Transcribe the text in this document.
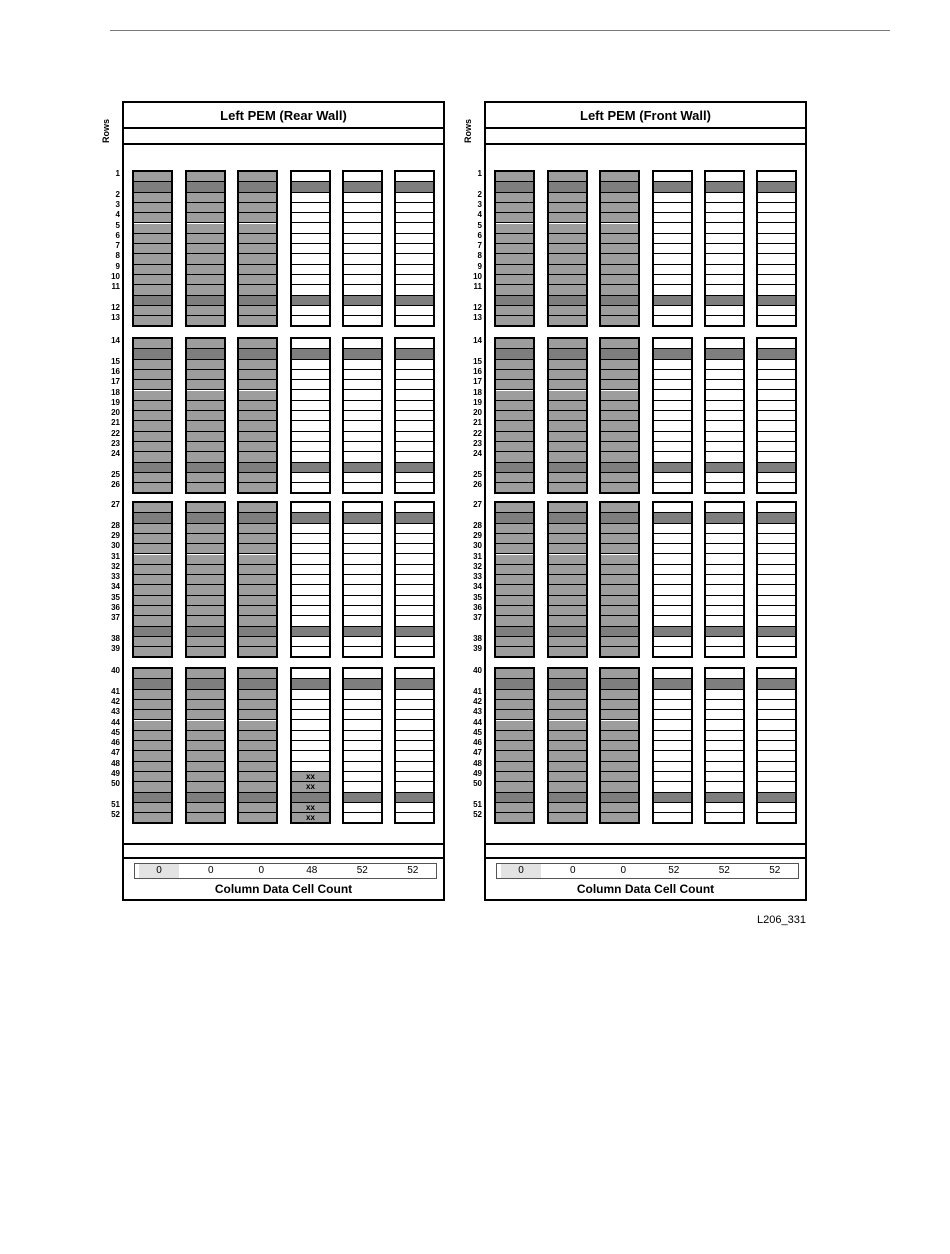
Left PEM (Rear Wall)
0	0	0	48	52	52
Column Data Cell Count
xx
xx
xx
xx
Left PEM (Front Wall)
0	0	0	52	52	52
Column Data Cell Count
Rows	Rows
L206_331
1
2
3
4
5
6
7
8
9
10
11
12
13
14
15
16
17
18
19
20
21
22
23
24
25
26
27
28
29
30
31
32
33
34
35
36
37
38
39
40
41
42
43
44
45
46
47
48
49
50
51
52
1
2
3
4
5
6
7
8
9
10
11
12
13
14
15
16
17
18
19
20
21
22
23
24
25
26
27
28
29
30
31
32
33
34
35
36
37
38
39
40
41
42
43
44
45
46
47
48
49
50
51
52
